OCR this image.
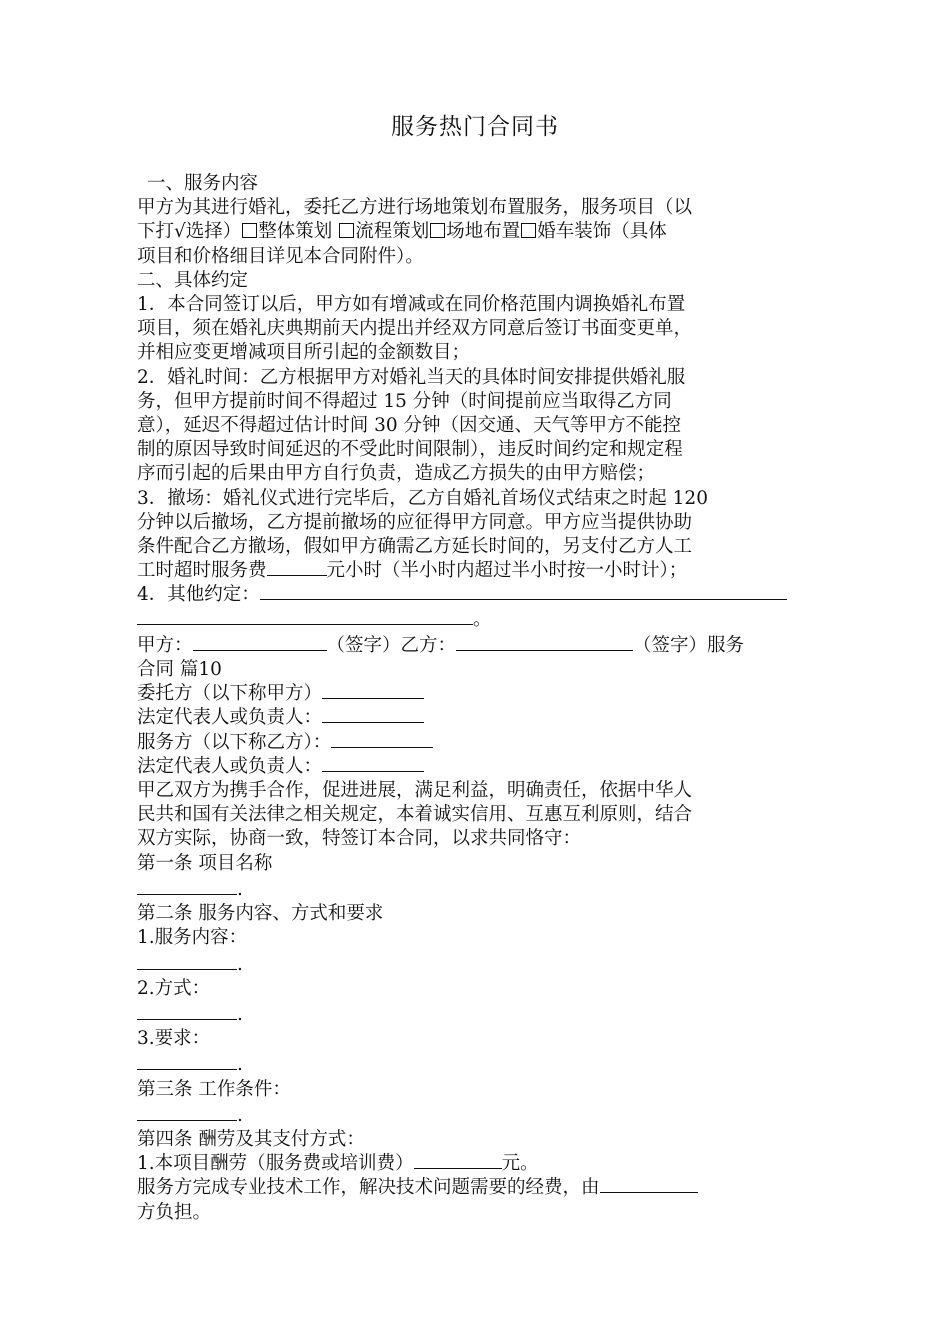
服务热门合同书
一、服务内容
甲方为其进行婚礼，委托乙方进行场地策划布置服务，服务项目（以
下打√选择） 整体策划 流程策划 场地布置 婚车装饰（具体
项目和价格细目详见本合同附件）。
二、具体约定
1．本合同签订以后，甲方如有增减或在同价格范围内调换婚礼布置
项目，须在婚礼庆典期前天内提出并经双方同意后签订书面变更单，
并相应变更增减项目所引起的金额数目；
2．婚礼时间：乙方根据甲方对婚礼当天的具体时间安排提供婚礼服
务，但甲方提前时间不得超过 15 分钟（时间提前应当取得乙方同
意），延迟不得超过估计时间 30 分钟（因交通、天气等甲方不能控
制的原因导致时间延迟的不受此时间限制），违反时间约定和规定程
序而引起的后果由甲方自行负责，造成乙方损失的由甲方赔偿；
3．撤场：婚礼仪式进行完毕后，乙方自婚礼首场仪式结束之时起 120
分钟以后撤场，乙方提前撤场的应征得甲方同意。甲方应当提供协助
条件配合乙方撤场，假如甲方确需乙方延长时间的，另支付乙方人工
工时超时服务费	元小时（半小时内超过半小时按一小时计）；
4．其他约定：
。
甲方：	（签字）乙方：	（签字）服务
合同 篇10
委托方（以下称甲方）
法定代表人或负责人：
服务方（以下称乙方）：
法定代表人或负责人：
甲乙双方为携手合作，促进进展，满足利益，明确责任，依据中华人
民共和国有关法律之相关规定，本着诚实信用、互惠互利原则，结合
双方实际，协商一致，特签订本合同，以求共同恪守：
第一条 项目名称
.
第二条 服务内容、方式和要求
1.服务内容：
.
2.方式：
.
3.要求：
.
第三条 工作条件：
.
第四条 酬劳及其支付方式：
1.本项目酬劳（服务费或培训费）	元。
服务方完成专业技术工作，解决技术问题需要的经费，由
方负担。
